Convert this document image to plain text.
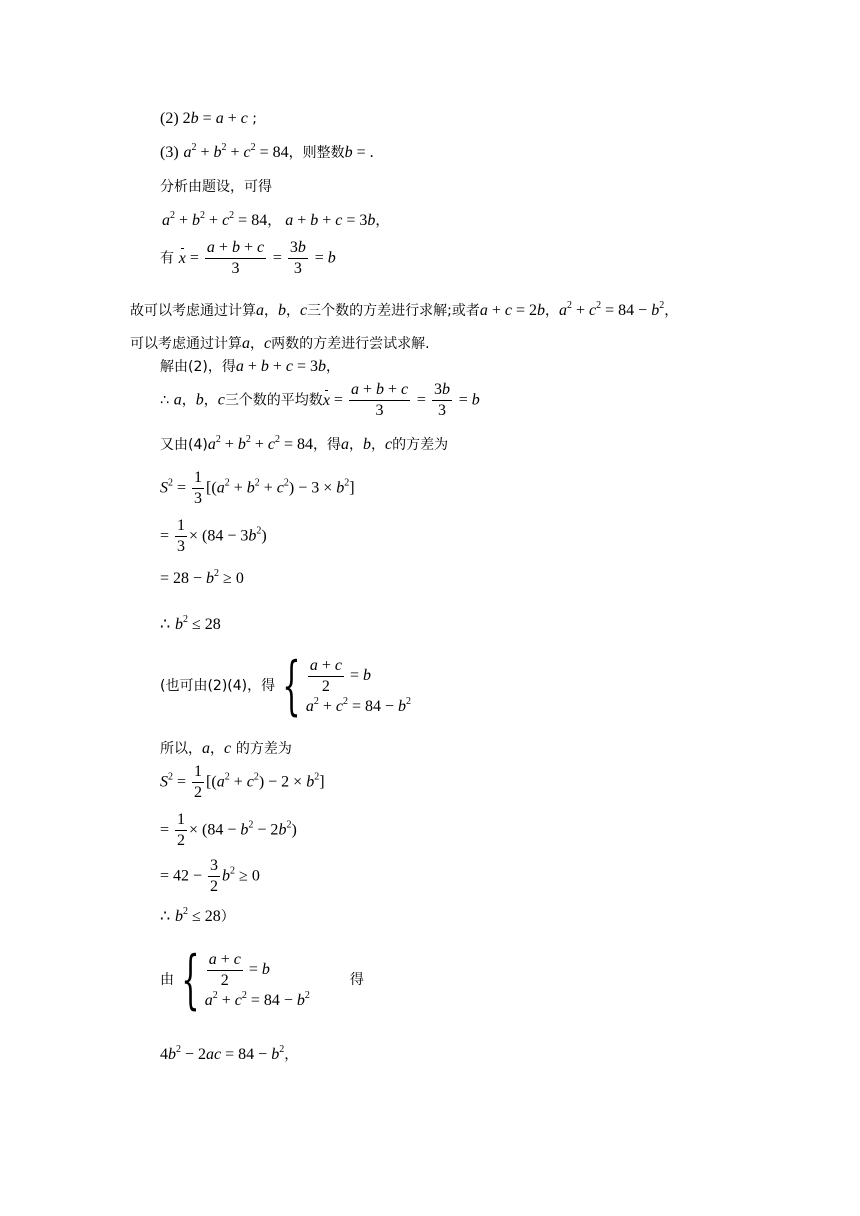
(2) 2b = a + c ;
(3) $a^2 + b^2 + c^2 = 84$，则整数b = .
分析由题设，可得
$a^2 + b^2 + c^2 = 84$， a + b + c = 3b，
有 $x = \frac{a + b + c}{3} = \frac{3b}{3} = b$
故可以考虑通过计算a，b，c三个数的方差进行求解;或者a + c = 2b，$a^2 + c^2 = 84 - b^2$，
可以考虑通过计算a，c两数的方差进行尝试求解.
解由(2)，得a + b + c = 3b，
∴ a，b，c三个数的平均数$x = \frac{a + b + c}{3} = \frac{3b}{3} = b$
又由$(4)a^2 + b^2 + c^2 = 84$，得a，b，c的方差为
$S^2 = \frac{1}{3} [(a^2 + b^2 + c^2) - 3 \times b^2]$
= $\frac{1}{3} \times (84 - 3b^2)$
= $28 - b^2 \ge 0$
∴ $b^2 \le 28$
(也可由(2)(4)，得 { $\frac{a + c}{2} = b$
$a^2 + c^2 = 84 - b^2$
所以，a，c 的方差为
$S^2 = \frac{1}{2} [(a^2 + c^2) - 2 \times b^2]$
= $\frac{1}{2} \times (84 - b^2 - 2b^2)$
= $42 - \frac{3}{2} b^2 \ge 0$
∴ $b^2 \le 28$）
由 { $\frac{a + c}{2} = b$
$a^2 + c^2 = 84 - b^2$
得
$4b^2 - 2ac = 84 - b^2$，
